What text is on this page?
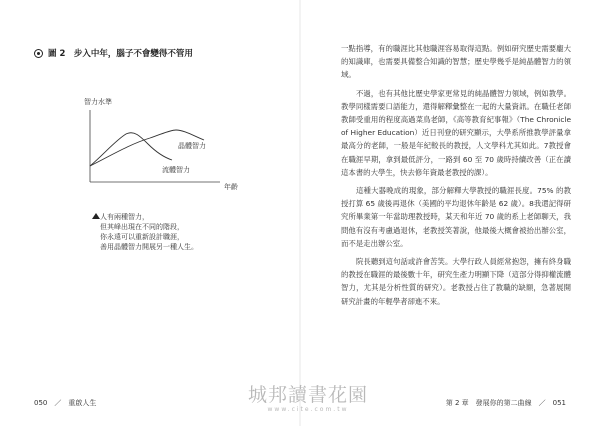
圖 2　步入中年，腦子不會變得不管用
智力水準
晶體智力
流體智力
年齡
人有兩種智力，
但其峰出現在不同的階段，
你永遠可以重新設計職涯，
善用晶體智力開展另一種人生。
050　／　重啟人生

一點指導，有的職涯比其他職涯容易取得這點。例如研究歷史需要龐大的知識庫，也需要具備整合知識的智慧；歷史學幾乎是純晶體智力的領域。

不過，也有其他比歷史學家更常見的純晶體智力領域，例如教學。教學同樣需要口語能力，還得解釋彙整在一起的大量資訊。在職任老師教師受重用的程度高過菜鳥老師，《高等教育紀事報》（The Chronicle of Higher Education）近日刊登的研究顯示，大學系所推教學評量拿最高分的老師，一般是年紀較長的教授，人文學科尤其如此。7教授會在職涯早期，拿到最低評分，一路到 60 至 70 歲時持續改善（正在讀這本書的大學生，快去修年資最老教授的課）。

這種大器晚成的現象，部分解釋大學教授的職涯長度。75% 的教授打算 65 歲後再退休（美國的平均退休年齡是 62 歲）。8我還記得研究所畢業第一年當助理教授時，某天和年近 70 歲的系上老師聊天，我問他有沒有考慮過退休，老教授笑著說，他最後大概會被抬出辦公室，而不是走出辦公室。

院長聽到這句話或許會苦笑。大學行政人員經常抱怨，擁有終身職的教授在職涯的最後數十年，研究生產力明顯下降（這部分得抑權流體智力，尤其是分析性質的研究）。老教授占住了教職的缺額，急著展開研究計畫的年輕學者卻進不來。

第 2 章　發展你的第二曲線　／　051
城邦讀書花園
www.cite.com.tw
